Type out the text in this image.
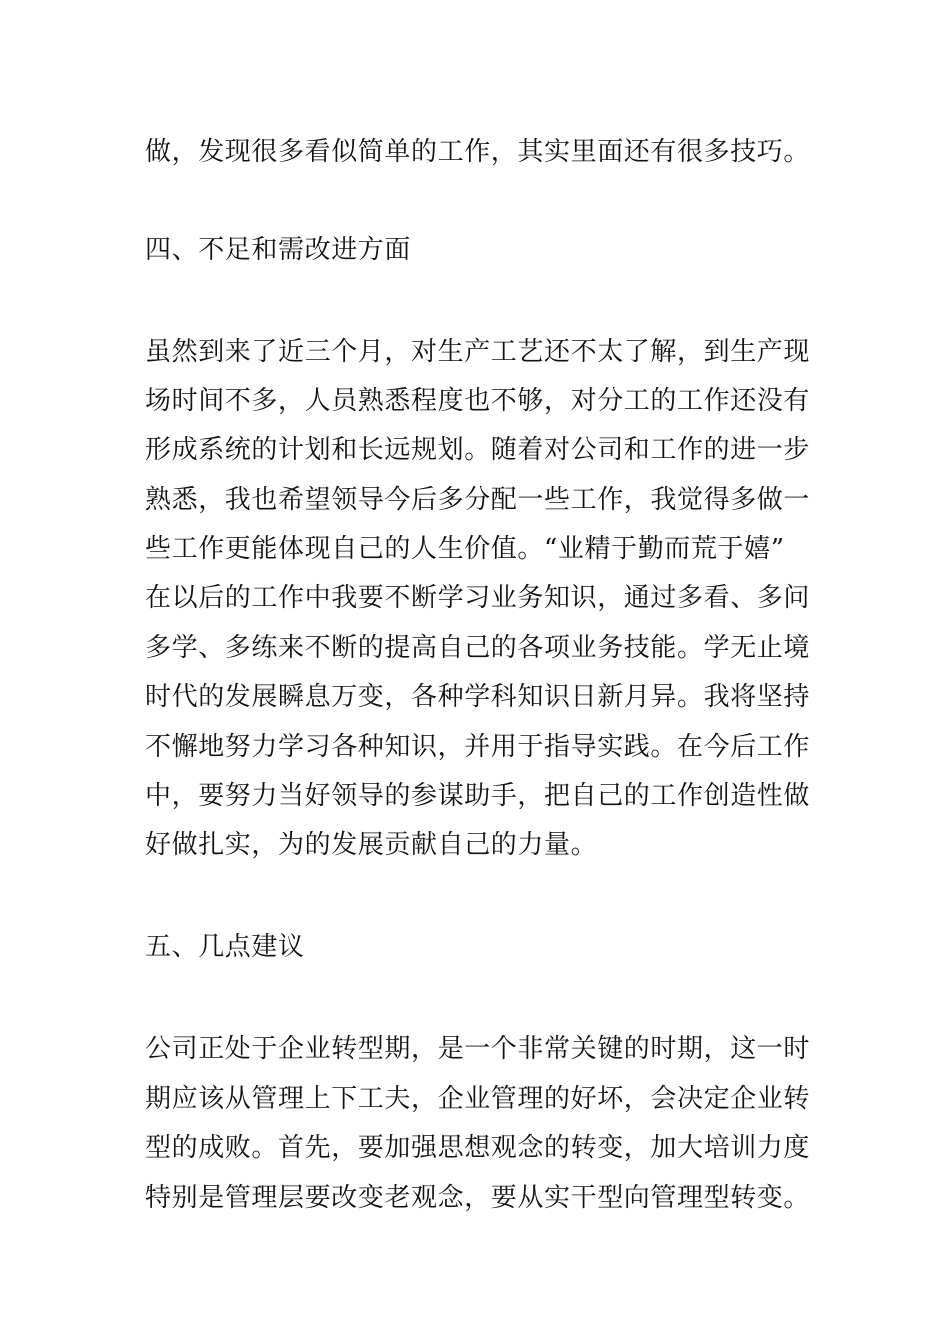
做，发现很多看似简单的工作，其实里面还有很多技巧。
四、不足和需改进方面
虽然到来了近三个月，对生产工艺还不太了解，到生产现
场时间不多，人员熟悉程度也不够，对分工的工作还没有
形成系统的计划和长远规划。随着对公司和工作的进一步
熟悉，我也希望领导今后多分配一些工作，我觉得多做一
些工作更能体现自己的人生价值。“业精于勤而荒于嬉”
在以后的工作中我要不断学习业务知识，通过多看、多问
多学、多练来不断的提高自己的各项业务技能。学无止境
时代的发展瞬息万变，各种学科知识日新月异。我将坚持
不懈地努力学习各种知识，并用于指导实践。在今后工作
中，要努力当好领导的参谋助手，把自己的工作创造性做
好做扎实，为的发展贡献自己的力量。
五、几点建议
公司正处于企业转型期，是一个非常关键的时期，这一时
期应该从管理上下工夫，企业管理的好坏，会决定企业转
型的成败。首先，要加强思想观念的转变，加大培训力度
特别是管理层要改变老观念，要从实干型向管理型转变。
